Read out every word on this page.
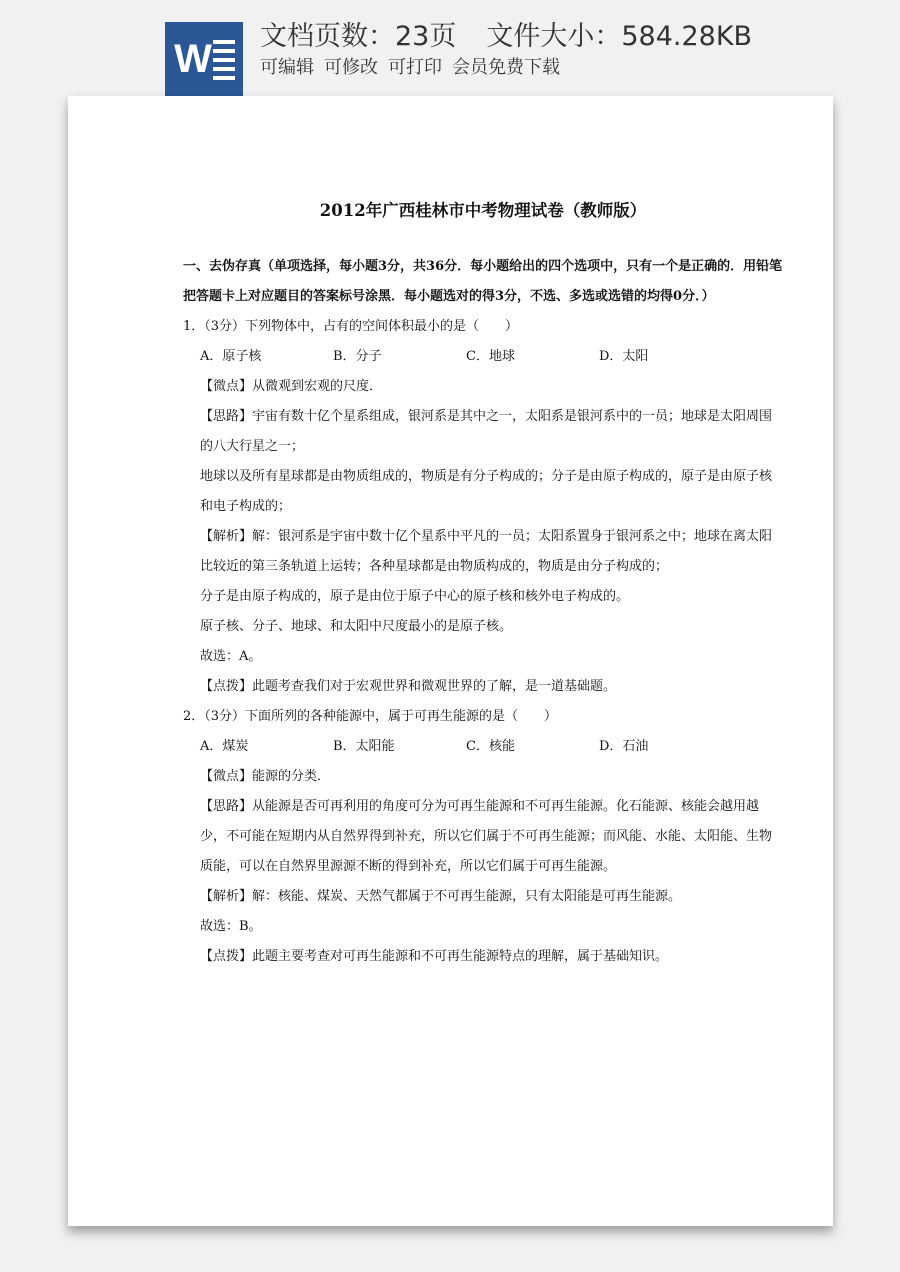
W
文档页数：23页 文件大小：584.28KB
可编辑 可修改 可打印 会员免费下载
2012年广西桂林市中考物理试卷（教师版）
一、去伪存真（单项选择，每小题3分，共36分．每小题给出的四个选项中，只有一个是正确的．用铅笔把答题卡上对应题目的答案标号涂黑．每小题选对的得3分，不选、多选或选错的均得0分．）

1．（3分）下列物体中，占有的空间体积最小的是（　　）

A．原子核	B．分子	C．地球	D．太阳

【微点】从微观到宏观的尺度．

【思路】宇宙有数十亿个星系组成，银河系是其中之一，太阳系是银河系中的一员；地球是太阳周围的八大行星之一；

地球以及所有星球都是由物质组成的，物质是有分子构成的；分子是由原子构成的，原子是由原子核和电子构成的；

【解析】解：银河系是宇宙中数十亿个星系中平凡的一员；太阳系置身于银河系之中；地球在离太阳比较近的第三条轨道上运转；各种星球都是由物质构成的，物质是由分子构成的；

分子是由原子构成的，原子是由位于原子中心的原子核和核外电子构成的。

原子核、分子、地球、和太阳中尺度最小的是原子核。

故选：A。

【点拨】此题考查我们对于宏观世界和微观世界的了解，是一道基础题。

2．（3分）下面所列的各种能源中，属于可再生能源的是（　　）

A．煤炭	B．太阳能	C．核能	D．石油

【微点】能源的分类．

【思路】从能源是否可再利用的角度可分为可再生能源和不可再生能源。化石能源、核能会越用越少，不可能在短期内从自然界得到补充，所以它们属于不可再生能源；而风能、水能、太阳能、生物质能，可以在自然界里源源不断的得到补充，所以它们属于可再生能源。

【解析】解：核能、煤炭、天然气都属于不可再生能源，只有太阳能是可再生能源。

故选：B。

【点拨】此题主要考查对可再生能源和不可再生能源特点的理解，属于基础知识。
